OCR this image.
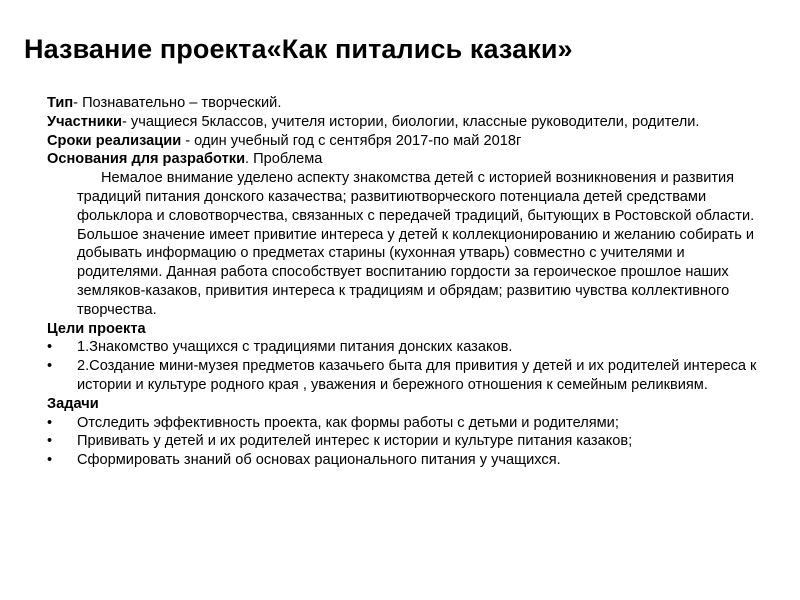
Название проекта«Как питались казаки»

Тип- Познавательно – творческий.

Участники- учащиеся 5классов, учителя истории, биологии, классные руководители, родители.

Сроки реализации - один учебный год с сентября 2017-по май 2018г

Основания для разработки. Проблема

Немалое внимание уделено аспекту знакомства детей с историей возникновения и развития традиций питания донского казачества; развитиютворческого потенциала детей средствами фольклора и словотворчества, связанных с передачей традиций, бытующих в Ростовской области. Большое значение имеет привитие интереса у детей к коллекционированию и желанию собирать и добывать информацию о предметах старины (кухонная утварь) совместно с учителями и родителями. Данная работа способствует воспитанию гордости за героическое прошлое наших земляков-казаков, привития интереса к традициям и обрядам; развитию чувства коллективного творчества.

Цели проекта

• 1.Знакомство учащихся с традициями питания донских казаков.
• 2.Создание мини-музея предметов казачьего быта для привития у детей и их родителей интереса к истории и культуре родного края , уважения и бережного отношения к семейным реликвиям.

Задачи

• Отследить эффективность проекта, как формы работы с детьми и родителями;
• Прививать у детей и их родителей интерес к истории и культуре питания казаков;
• Сформировать знаний об основах рационального питания у учащихся.
